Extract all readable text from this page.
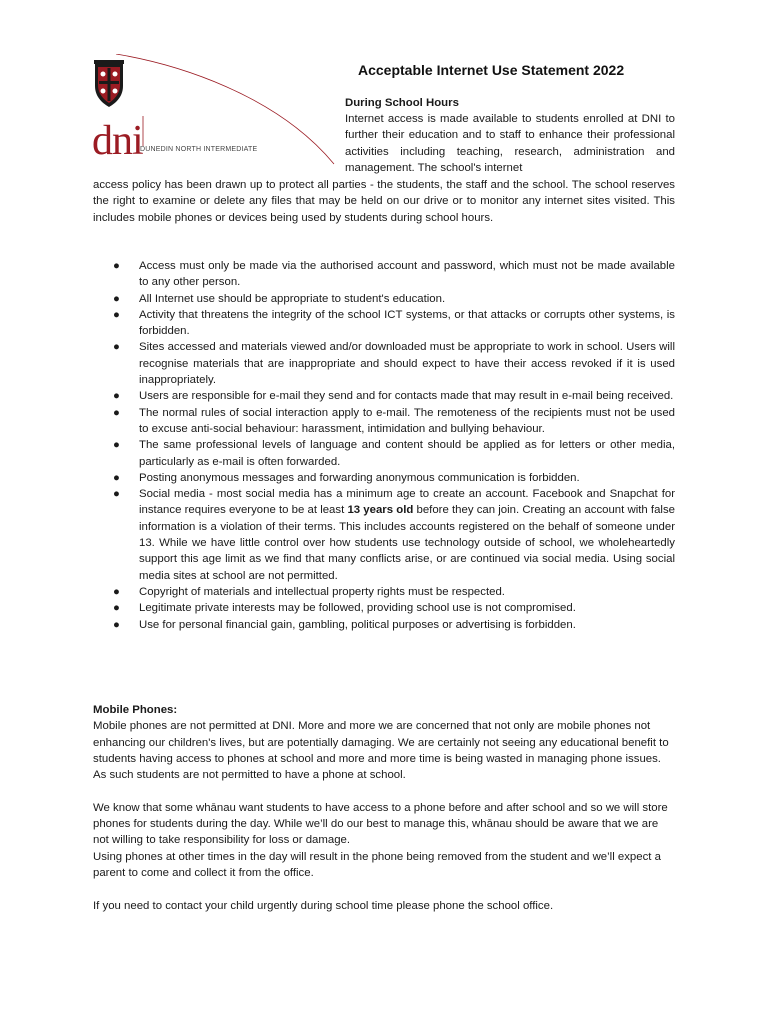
dni
DUNEDIN NORTH INTERMEDIATE
Acceptable Internet Use Statement 2022
During School Hours
Internet access is made available to students enrolled at DNI to further their education and to staff to enhance their professional activities including teaching, research, administration and management. The school's internet
access policy has been drawn up to protect all parties - the students, the staff and the school. The school reserves the right to examine or delete any files that may be held on our drive or to monitor any internet sites visited. This includes mobile phones or devices being used by students during school hours.
● Access must only be made via the authorised account and password, which must not be made available to any other person.
● All Internet use should be appropriate to student's education.
● Activity that threatens the integrity of the school ICT systems, or that attacks or corrupts other systems, is forbidden.
● Sites accessed and materials viewed and/or downloaded must be appropriate to work in school. Users will recognise materials that are inappropriate and should expect to have their access revoked if it is used inappropriately.
● Users are responsible for e-mail they send and for contacts made that may result in e-mail being received.
● The normal rules of social interaction apply to e-mail. The remoteness of the recipients must not be used to excuse anti-social behaviour: harassment, intimidation and bullying behaviour.
● The same professional levels of language and content should be applied as for letters or other media, particularly as e-mail is often forwarded.
● Posting anonymous messages and forwarding anonymous communication is forbidden.
● Social media - most social media has a minimum age to create an account. Facebook and Snapchat for instance requires everyone to be at least 13 years old before they can join. Creating an account with false information is a violation of their terms. This includes accounts registered on the behalf of someone under 13. While we have little control over how students use technology outside of school, we wholeheartedly support this age limit as we find that many conflicts arise, or are continued via social media. Using social media sites at school are not permitted.
● Copyright of materials and intellectual property rights must be respected.
● Legitimate private interests may be followed, providing school use is not compromised.
● Use for personal financial gain, gambling, political purposes or advertising is forbidden.

Mobile Phones:

Mobile phones are not permitted at DNI. More and more we are concerned that not only are mobile phones not enhancing our children's lives, but are potentially damaging. We are certainly not seeing any educational benefit to students having access to phones at school and more and more time is being wasted in managing phone issues. As such students are not permitted to have a phone at school.

We know that some whānau want students to have access to a phone before and after school and so we will store phones for students during the day. While we’ll do our best to manage this, whānau should be aware that we are not willing to take responsibility for loss or damage.

Using phones at other times in the day will result in the phone being removed from the student and we’ll expect a parent to come and collect it from the office.

If you need to contact your child urgently during school time please phone the school office.
